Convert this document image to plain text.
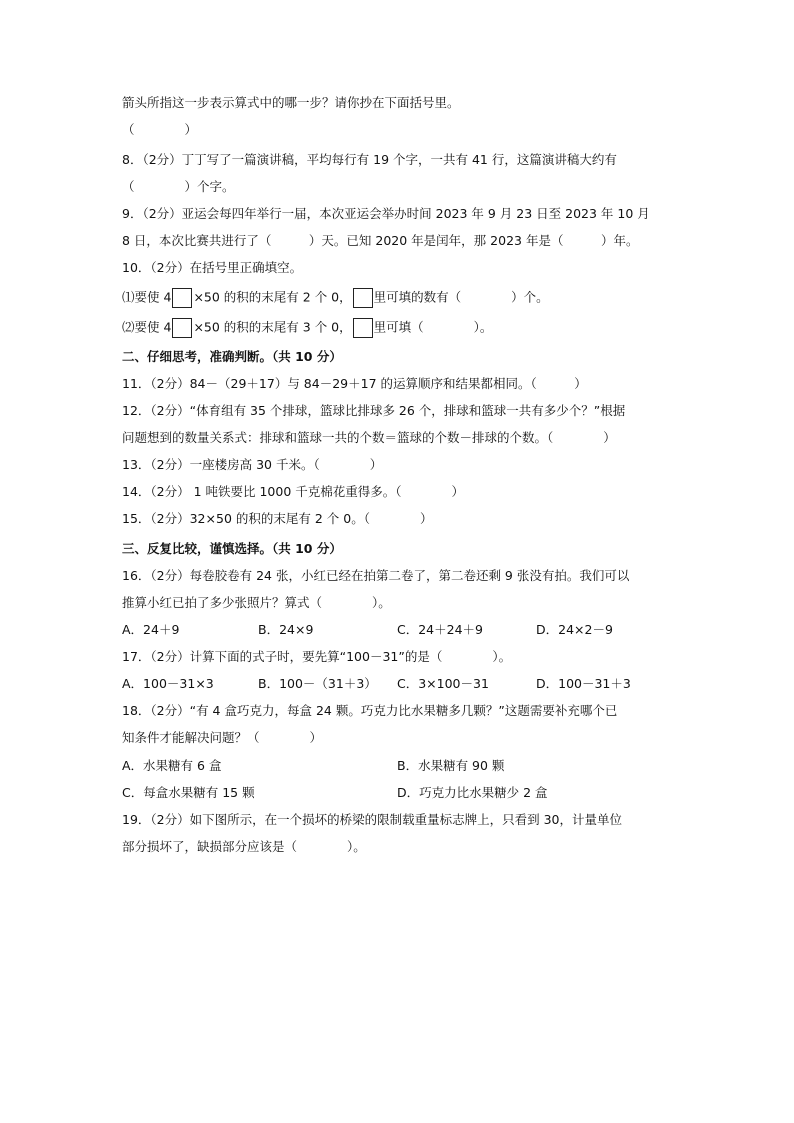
箭头所指这一步表示算式中的哪一步？请你抄在下面括号里。
（　　　　）
8．（2分）丁丁写了一篇演讲稿，平均每行有 19 个字，一共有 41 行，这篇演讲稿大约有
（　　　　）个字。
9．（2分）亚运会每四年举行一届，本次亚运会举办时间 2023 年 9 月 23 日至 2023 年 10 月
8 日，本次比赛共进行了（　　　）天。已知 2020 年是闰年，那 2023 年是（　　　）年。
10．（2分）在括号里正确填空。
⑴要使 4 ×50 的积的末尾有 2 个 0， 里可填的数有（　　　　）个。
⑵要使 4 ×50 的积的末尾有 3 个 0， 里可填（　　　　）。
二、仔细思考，准确判断。（共 10 分）
11．（2分）84－（29＋17）与 84－29＋17 的运算顺序和结果都相同。（　　　）
12．（2分）“体育组有 35 个排球，篮球比排球多 26 个，排球和篮球一共有多少个？”根据
问题想到的数量关系式：排球和篮球一共的个数＝篮球的个数－排球的个数。（　　　　）
13．（2分）一座楼房高 30 千米。（　　　　）
14．（2分） 1 吨铁要比 1000 千克棉花重得多。（　　　　）
15．（2分）32×50 的积的末尾有 2 个 0。（　　　　）
三、反复比较，谨慎选择。（共 10 分）
16．（2分）每卷胶卷有 24 张，小红已经在拍第二卷了，第二卷还剩 9 张没有拍。我们可以
推算小红已拍了多少张照片？算式（　　　　）。
A．24＋9	B．24×9	C．24＋24＋9	D．24×2－9
17．（2分）计算下面的式子时，要先算“100－31”的是（　　　　）。
A．100－31×3	B．100－（31＋3） C．3×100－31	D．100－31＋3
18．（2分）“有 4 盒巧克力，每盒 24 颗。巧克力比水果糖多几颗？”这题需要补充哪个已
知条件才能解决问题？（　　　　）
A．水果糖有 6 盒	B．水果糖有 90 颗
C．每盒水果糖有 15 颗	D．巧克力比水果糖少 2 盒
19．（2分）如下图所示，在一个损坏的桥梁的限制载重量标志牌上，只看到 30，计量单位
部分损坏了，缺损部分应该是（　　　　）。
